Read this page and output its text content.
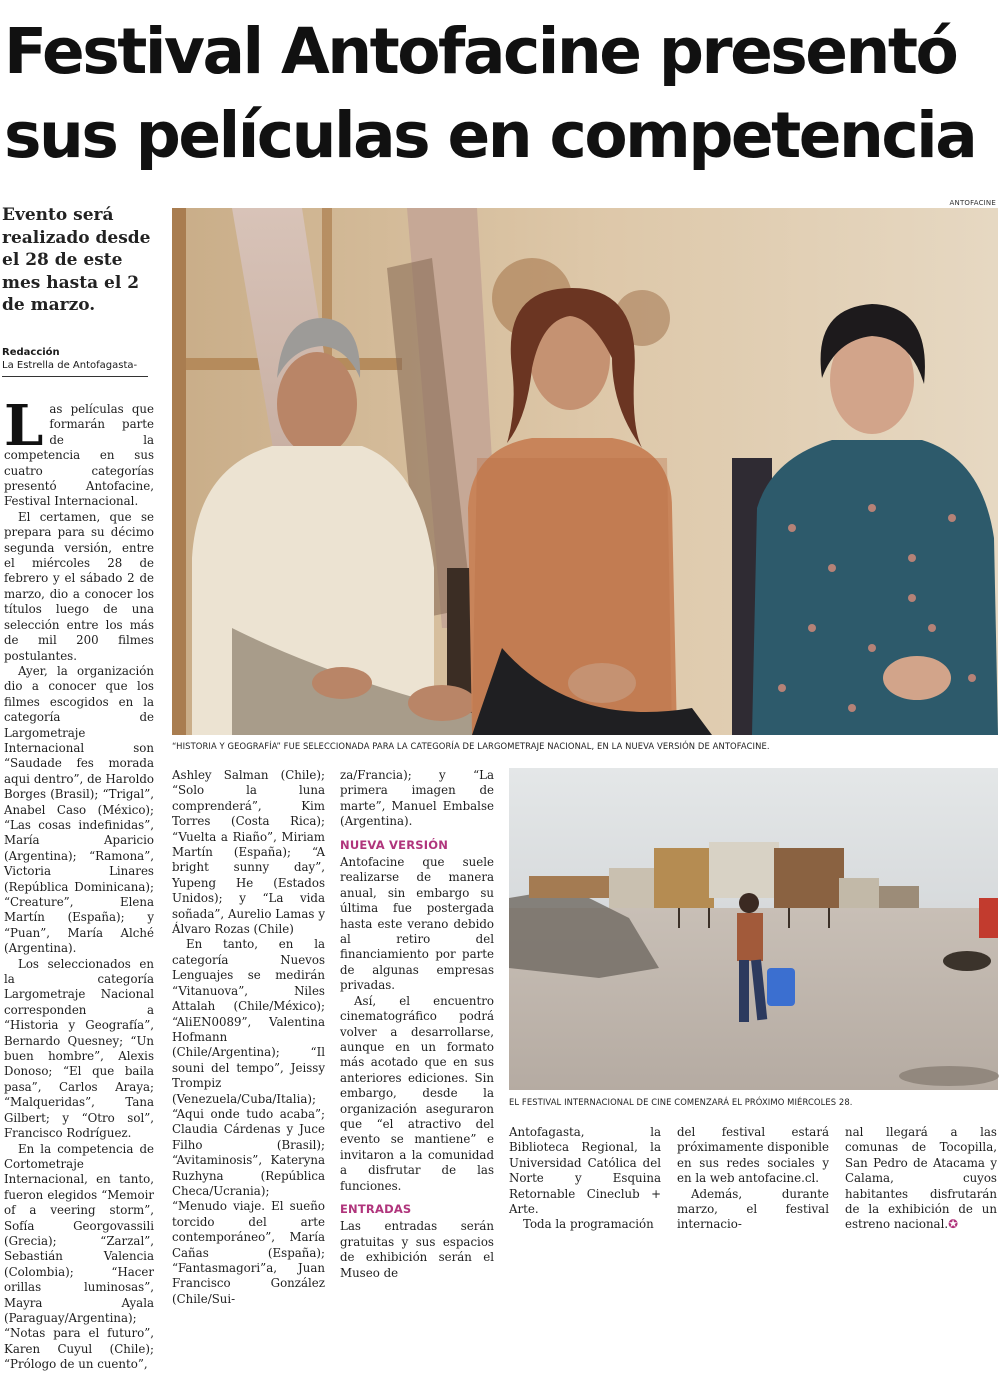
Festival Antofacine presentó
sus películas en competencia
Evento será realizado desde el 28 de este mes hasta el 2 de marzo.
Redacción
La Estrella de Antofagasta-
ANTOFACINE
“HISTORIA Y GEOGRAFÍA” FUE SELECCIONADA PARA LA CATEGORÍA DE LARGOMETRAJE NACIONAL, EN LA NUEVA VERSIÓN DE ANTOFACINE.
EL FESTIVAL INTERNACIONAL DE CINE COMENZARÁ EL PRÓXIMO MIÉRCOLES 28.

Las películas que formarán parte de la competencia en sus cuatro categorías presentó Antofacine, Festival Internacional.

El certamen, que se prepara para su décimo segunda versión, entre el miércoles 28 de febrero y el sábado 2 de marzo, dio a conocer los títulos luego de una selección entre los más de mil 200 filmes postulantes.

Ayer, la organización dio a conocer que los filmes escogidos en la categoría de Largometraje Internacional son “Saudade fes morada aqui dentro”, de Haroldo Borges (Brasil); “Trigal”, Anabel Caso (México); “Las cosas indefinidas”, María Aparicio (Argentina); “Ramona”, Victoria Linares (República Dominicana); “Creature”, Elena Martín (España); y “Puan”, María Alché (Argentina).

Los seleccionados en la categoría Largometraje Nacional corresponden a “Historia y Geografía”, Bernardo Quesney; “Un buen hombre”, Alexis Donoso; “El que baila pasa”, Carlos Araya; “Malqueridas”, Tana Gilbert; y “Otro sol”, Francisco Rodríguez.

En la competencia de Cortometraje Internacional, en tanto, fueron elegidos “Memoir of a veering storm”, Sofía Georgovassili (Grecia); “Zarzal”, Sebastián Valencia (Colombia); “Hacer orillas luminosas”, Mayra Ayala (Paraguay/Argentina); “Notas para el futuro”, Karen Cuyul (Chile); “Prólogo de un cuento”,

Ashley Salman (Chile); “Solo la luna comprenderá”, Kim Torres (Costa Rica); “Vuelta a Riaño”, Miriam Martín (España); “A bright sunny day”, Yupeng He (Estados Unidos); y “La vida soñada”, Aurelio Lamas y Álvaro Rozas (Chile)

En tanto, en la categoría Nuevos Lenguajes se medirán “Vitanuova”, Niles Attalah (Chile/México); “AliEN0089”, Valentina Hofmann (Chile/Argentina); “Il souni del tempo”, Jeissy Trompiz (Venezuela/Cuba/Italia); “Aqui onde tudo acaba”; Claudia Cárdenas y Juce Filho (Brasil); “Avitaminosis”, Kateryna Ruzhyna (República Checa/Ucrania); “Menudo viaje. El sueño torcido del arte contemporáneo”, María Cañas (España); “Fantasmagori”a, Juan Francisco González (Chile/Sui-

za/Francia); y “La primera imagen de marte”, Manuel Embalse (Argentina).

NUEVA VERSIÓN

Antofacine que suele realizarse de manera anual, sin embargo su última fue postergada hasta este verano debido al retiro del financiamiento por parte de algunas empresas privadas.

Así, el encuentro cinematográfico podrá volver a desarrollarse, aunque en un formato más acotado que en sus anteriores ediciones. Sin embargo, desde la organización aseguraron que “el atractivo del evento se mantiene” e invitaron a la comunidad a disfrutar de las funciones.

ENTRADAS

Las entradas serán gratuitas y sus espacios de exhibición serán el Museo de

Antofagasta, la Biblioteca Regional, la Universidad Católica del Norte y Esquina Retornable Cineclub + Arte.

Toda la programación

del festival estará próximamente disponible en sus redes sociales y en la web antofacine.cl.

Además, durante marzo, el festival internacio-

nal llegará a las comunas de Tocopilla, San Pedro de Atacama y Calama, cuyos habitantes disfrutarán de la exhibición de un estreno nacional.✪
